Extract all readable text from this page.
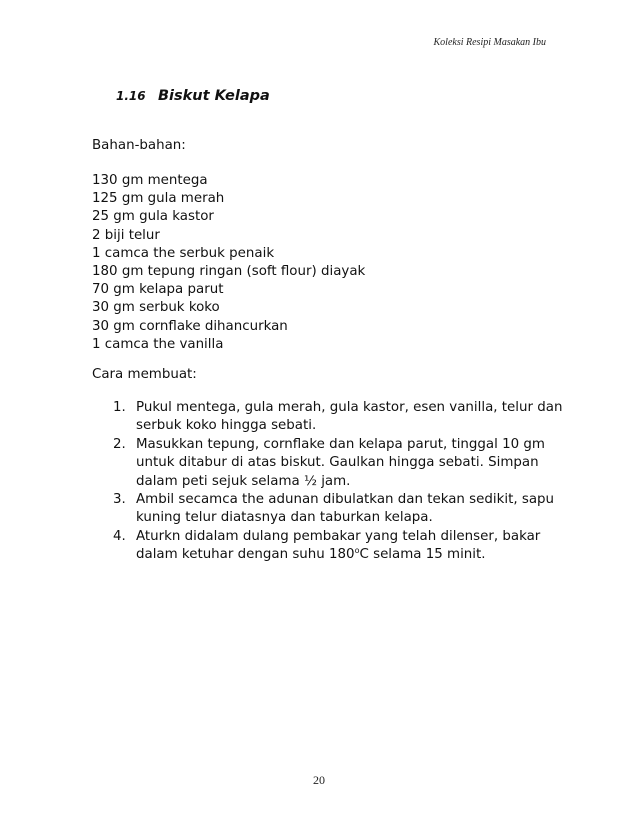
Koleksi Resipi Masakan Ibu
1.16 Biskut Kelapa
Bahan-bahan:
130 gm mentega
125 gm gula merah
25 gm gula kastor
2 biji telur
1 camca the serbuk penaik
180 gm tepung ringan (soft flour) diayak
70 gm kelapa parut
30 gm serbuk koko
30 gm cornflake dihancurkan
1 camca the vanilla
Cara membuat:
1. Pukul mentega, gula merah, gula kastor, esen vanilla, telur dan
serbuk koko hingga sebati.
2. Masukkan tepung, cornflake dan kelapa parut, tinggal 10 gm
untuk ditabur di atas biskut. Gaulkan hingga sebati. Simpan
dalam peti sejuk selama ½ jam.
3. Ambil secamca the adunan dibulatkan dan tekan sedikit, sapu
kuning telur diatasnya dan taburkan kelapa.
4. Aturkn didalam dulang pembakar yang telah dilenser, bakar
dalam ketuhar dengan suhu 180$^o$C selama 15 minit.
20
